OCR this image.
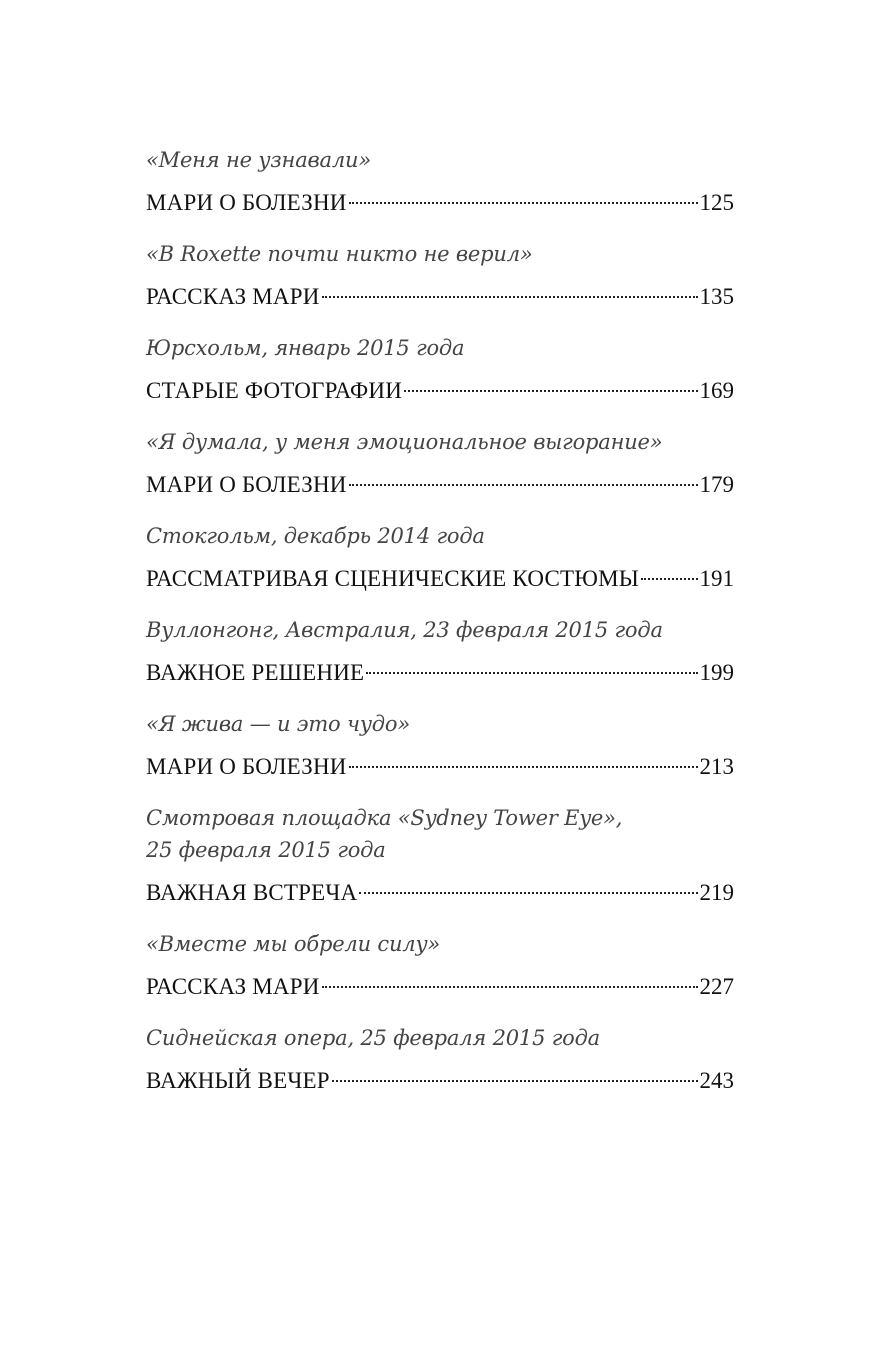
«Меня не узнавали»
МАРИ О БОЛЕЗНИ	125
«В Roxette почти никто не верил»
РАССКАЗ МАРИ	135
Юрсхольм, январь 2015 года
СТАРЫЕ ФОТОГРАФИИ	169
«Я думала, у меня эмоциональное выгорание»
МАРИ О БОЛЕЗНИ	179
Стокгольм, декабрь 2014 года
РАССМАТРИВАЯ СЦЕНИЧЕСКИЕ КОСТЮМЫ	191
Вуллонгонг, Австралия, 23 февраля 2015 года
ВАЖНОЕ РЕШЕНИЕ	199
«Я жива — и это чудо»
МАРИ О БОЛЕЗНИ	213
Смотровая площадка «Sydney Tower Eye»,
25 февраля 2015 года
ВАЖНАЯ ВСТРЕЧА	219
«Вместе мы обрели силу»
РАССКАЗ МАРИ	227
Сиднейская опера, 25 февраля 2015 года
ВАЖНЫЙ ВЕЧЕР	243
